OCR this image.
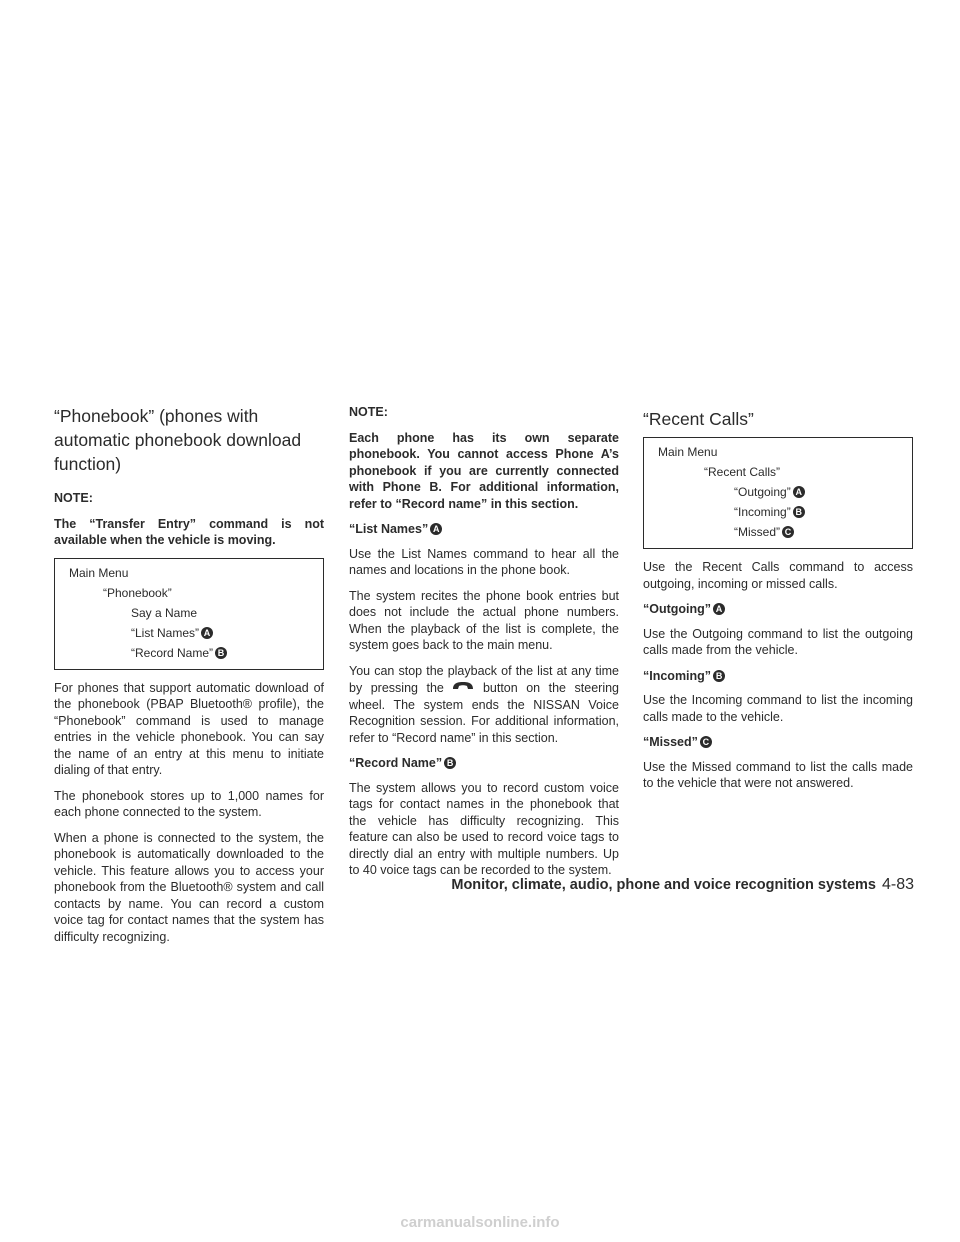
“Phonebook” (phones with automatic phonebook download function)

NOTE:

The “Transfer Entry” command is not available when the vehicle is moving.

Main Menu
“Phonebook”
Say a Name
“List Names” A
“Record Name” B

For phones that support automatic download of the phonebook (PBAP Bluetooth® profile), the “Phonebook” command is used to manage entries in the vehicle phonebook. You can say the name of an entry at this menu to initiate dialing of that entry.

The phonebook stores up to 1,000 names for each phone connected to the system.

When a phone is connected to the system, the phonebook is automatically downloaded to the vehicle. This feature allows you to access your phonebook from the Bluetooth® system and call contacts by name. You can record a custom voice tag for contact names that the system has difficulty recognizing.

NOTE:

Each phone has its own separate phonebook. You cannot access Phone A’s phonebook if you are currently connected with Phone B. For additional information, refer to “Record name” in this section.

“List Names” A

Use the List Names command to hear all the names and locations in the phone book.

The system recites the phone book entries but does not include the actual phone numbers. When the playback of the list is complete, the system goes back to the main menu.

You can stop the playback of the list at any time by pressing the	button on the steering wheel. The system ends the NISSAN Voice Recognition session. For additional information, refer to “Record name” in this section.

“Record Name” B

The system allows you to record custom voice tags for contact names in the phonebook that the vehicle has difficulty recognizing. This feature can also be used to record voice tags to directly dial an entry with multiple numbers. Up to 40 voice tags can be recorded to the system.

“Recent Calls”
Main Menu
“Recent Calls”
“Outgoing” A
“Incoming” B
“Missed” C

Use the Recent Calls command to access outgoing, incoming or missed calls.

“Outgoing” A

Use the Outgoing command to list the outgoing calls made from the vehicle.

“Incoming” B

Use the Incoming command to list the incoming calls made to the vehicle.

“Missed” C

Use the Missed command to list the calls made to the vehicle that were not answered.

Monitor, climate, audio, phone and voice recognition systems 4-83
carmanualsonline.info
